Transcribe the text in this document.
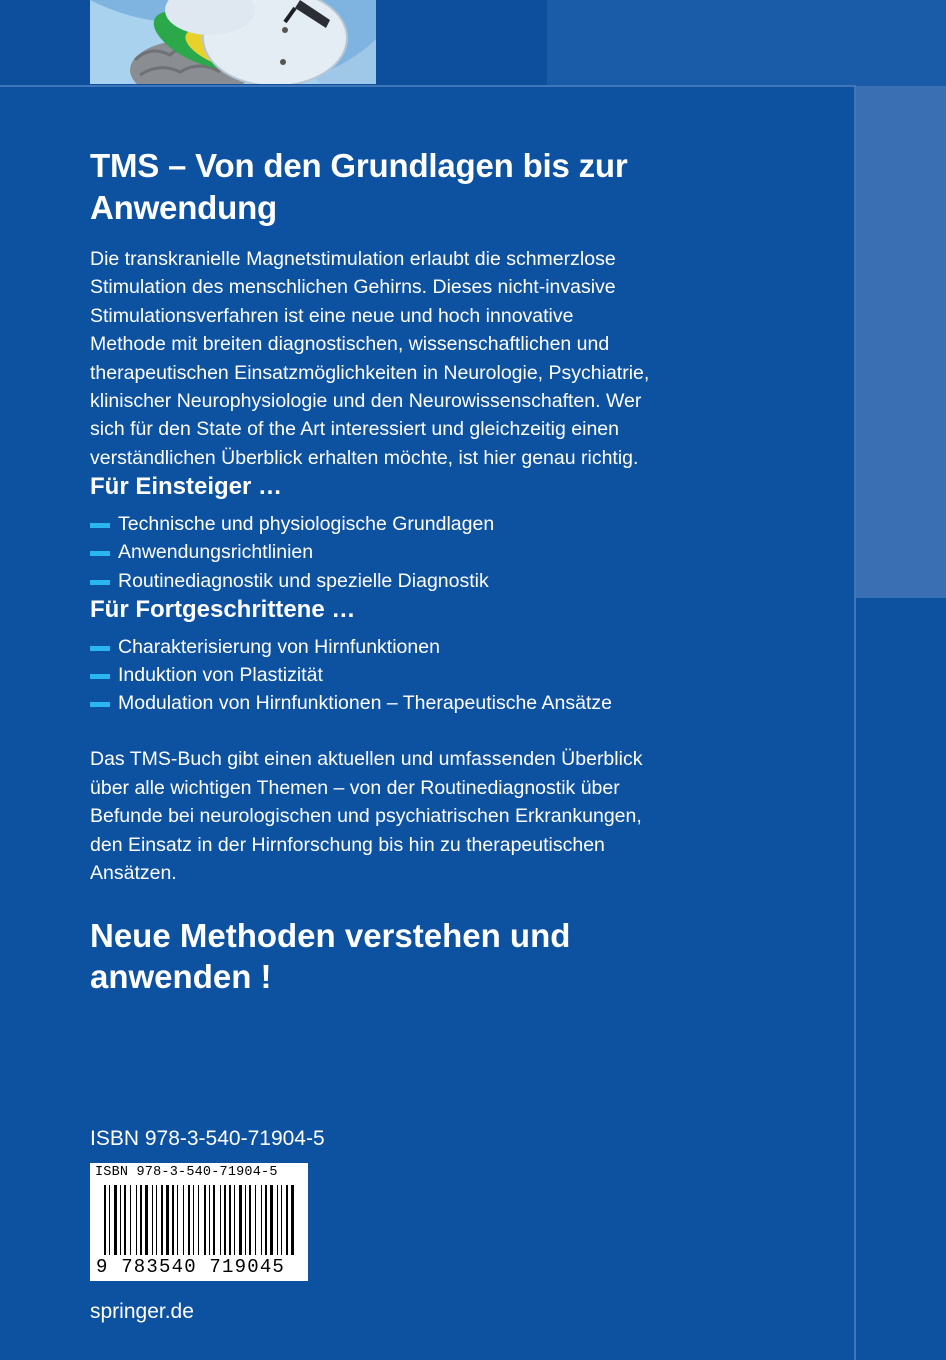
TMS – Von den Grundlagen bis zur Anwendung

Die transkranielle Magnetstimulation erlaubt die schmerzlose Stimulation des menschlichen Gehirns. Dieses nicht-invasive Stimulationsverfahren ist eine neue und hoch innovative Methode mit breiten diagnostischen, wissenschaftlichen und therapeutischen Einsatzmöglichkeiten in Neurologie, Psychiatrie, klinischer Neurophysiologie und den Neurowissenschaften. Wer sich für den State of the Art interessiert und gleichzeitig einen verständlichen Überblick erhalten möchte, ist hier genau richtig.

Für Einsteiger …
Technische und physiologische Grundlagen
Anwendungsrichtlinien
Routinediagnostik und spezielle Diagnostik
Für Fortgeschrittene …
Charakterisierung von Hirnfunktionen
Induktion von Plastizität
Modulation von Hirnfunktionen – Therapeutische Ansätze

Das TMS-Buch gibt einen aktuellen und umfassenden Überblick über alle wichtigen Themen – von der Routinediagnostik über Befunde bei neurologischen und psychiatrischen Erkrankungen, den Einsatz in der Hirnforschung bis hin zu therapeutischen Ansätzen.

Neue Methoden verstehen und anwenden !
ISBN 978-3-540-71904-5
ISBN 978-3-540-71904-5
9 783540 719045
springer.de
